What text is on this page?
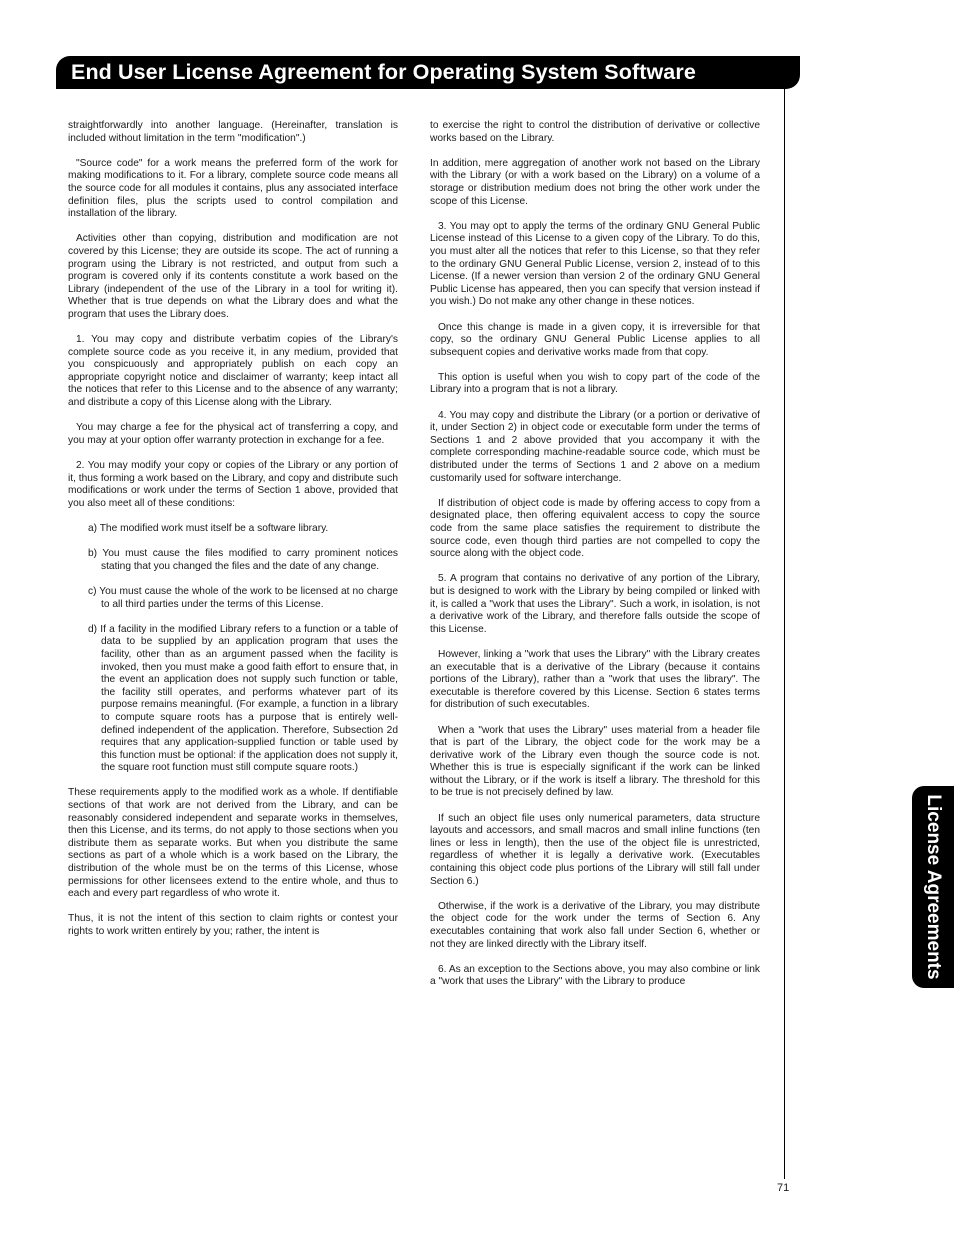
End User License Agreement for Operating System Software

straightforwardly into another language. (Hereinafter, translation is included without limitation in the term "modification".)

"Source code" for a work means the preferred form of the work for making modifications to it. For a library, complete source code means all the source code for all modules it contains, plus any associated interface definition files, plus the scripts used to control compilation and installation of the library.

Activities other than copying, distribution and modification are not covered by this License; they are outside its scope. The act of running a program using the Library is not restricted, and output from such a program is covered only if its contents constitute a work based on the Library (independent of the use of the Library in a tool for writing it). Whether that is true depends on what the Library does and what the program that uses the Library does.

1. You may copy and distribute verbatim copies of the Library's complete source code as you receive it, in any medium, provided that you conspicuously and appropriately publish on each copy an appropriate copyright notice and disclaimer of warranty; keep intact all the notices that refer to this License and to the absence of any warranty; and distribute a copy of this License along with the Library.

You may charge a fee for the physical act of transferring a copy, and you may at your option offer warranty protection in exchange for a fee.

2. You may modify your copy or copies of the Library or any portion of it, thus forming a work based on the Library, and copy and distribute such modifications or work under the terms of Section 1 above, provided that you also meet all of these conditions:

a) The modified work must itself be a software library.

b) You must cause the files modified to carry prominent notices stating that you changed the files and the date of any change.

c) You must cause the whole of the work to be licensed at no charge to all third parties under the terms of this License.

d) If a facility in the modified Library refers to a function or a table of data to be supplied by an application program that uses the facility, other than as an argument passed when the facility is invoked, then you must make a good faith effort to ensure that, in the event an application does not supply such function or table, the facility still operates, and performs whatever part of its purpose remains meaningful. (For example, a function in a library to compute square roots has a purpose that is entirely well-defined independent of the application. Therefore, Subsection 2d requires that any application-supplied function or table used by this function must be optional: if the application does not supply it, the square root function must still compute square roots.)

These requirements apply to the modified work as a whole. If dentifiable sections of that work are not derived from the Library, and can be reasonably considered independent and separate works in themselves, then this License, and its terms, do not apply to those sections when you distribute them as separate works. But when you distribute the same sections as part of a whole which is a work based on the Library, the distribution of the whole must be on the terms of this License, whose permissions for other licensees extend to the entire whole, and thus to each and every part regardless of who wrote it.

Thus, it is not the intent of this section to claim rights or contest your rights to work written entirely by you; rather, the intent is

to exercise the right to control the distribution of derivative or collective works based on the Library.

In addition, mere aggregation of another work not based on the Library with the Library (or with a work based on the Library) on a volume of a storage or distribution medium does not bring the other work under the scope of this License.

3. You may opt to apply the terms of the ordinary GNU General Public License instead of this License to a given copy of the Library. To do this, you must alter all the notices that refer to this License, so that they refer to the ordinary GNU General Public License, version 2, instead of to this License. (If a newer version than version 2 of the ordinary GNU General Public License has appeared, then you can specify that version instead if you wish.) Do not make any other change in these notices.

Once this change is made in a given copy, it is irreversible for that copy, so the ordinary GNU General Public License applies to all subsequent copies and derivative works made from that copy.

This option is useful when you wish to copy part of the code of the Library into a program that is not a library.

4. You may copy and distribute the Library (or a portion or derivative of it, under Section 2) in object code or executable form under the terms of Sections 1 and 2 above provided that you accompany it with the complete corresponding machine-readable source code, which must be distributed under the terms of Sections 1 and 2 above on a medium customarily used for software interchange.

If distribution of object code is made by offering access to copy from a designated place, then offering equivalent access to copy the source code from the same place satisfies the requirement to distribute the source code, even though third parties are not compelled to copy the source along with the object code.

5. A program that contains no derivative of any portion of the Library, but is designed to work with the Library by being compiled or linked with it, is called a "work that uses the Library". Such a work, in isolation, is not a derivative work of the Library, and therefore falls outside the scope of this License.

However, linking a "work that uses the Library" with the Library creates an executable that is a derivative of the Library (because it contains portions of the Library), rather than a "work that uses the library". The executable is therefore covered by this License. Section 6 states terms for distribution of such executables.

When a "work that uses the Library" uses material from a header file that is part of the Library, the object code for the work may be a derivative work of the Library even though the source code is not. Whether this is true is especially significant if the work can be linked without the Library, or if the work is itself a library. The threshold for this to be true is not precisely defined by law.

If such an object file uses only numerical parameters, data structure layouts and accessors, and small macros and small inline functions (ten lines or less in length), then the use of the object file is unrestricted, regardless of whether it is legally a derivative work. (Executables containing this object code plus portions of the Library will still fall under Section 6.)

Otherwise, if the work is a derivative of the Library, you may distribute the object code for the work under the terms of Section 6. Any executables containing that work also fall under Section 6, whether or not they are linked directly with the Library itself.

6. As an exception to the Sections above, you may also combine or link a "work that uses the Library" with the Library to produce

License Agreements
71
